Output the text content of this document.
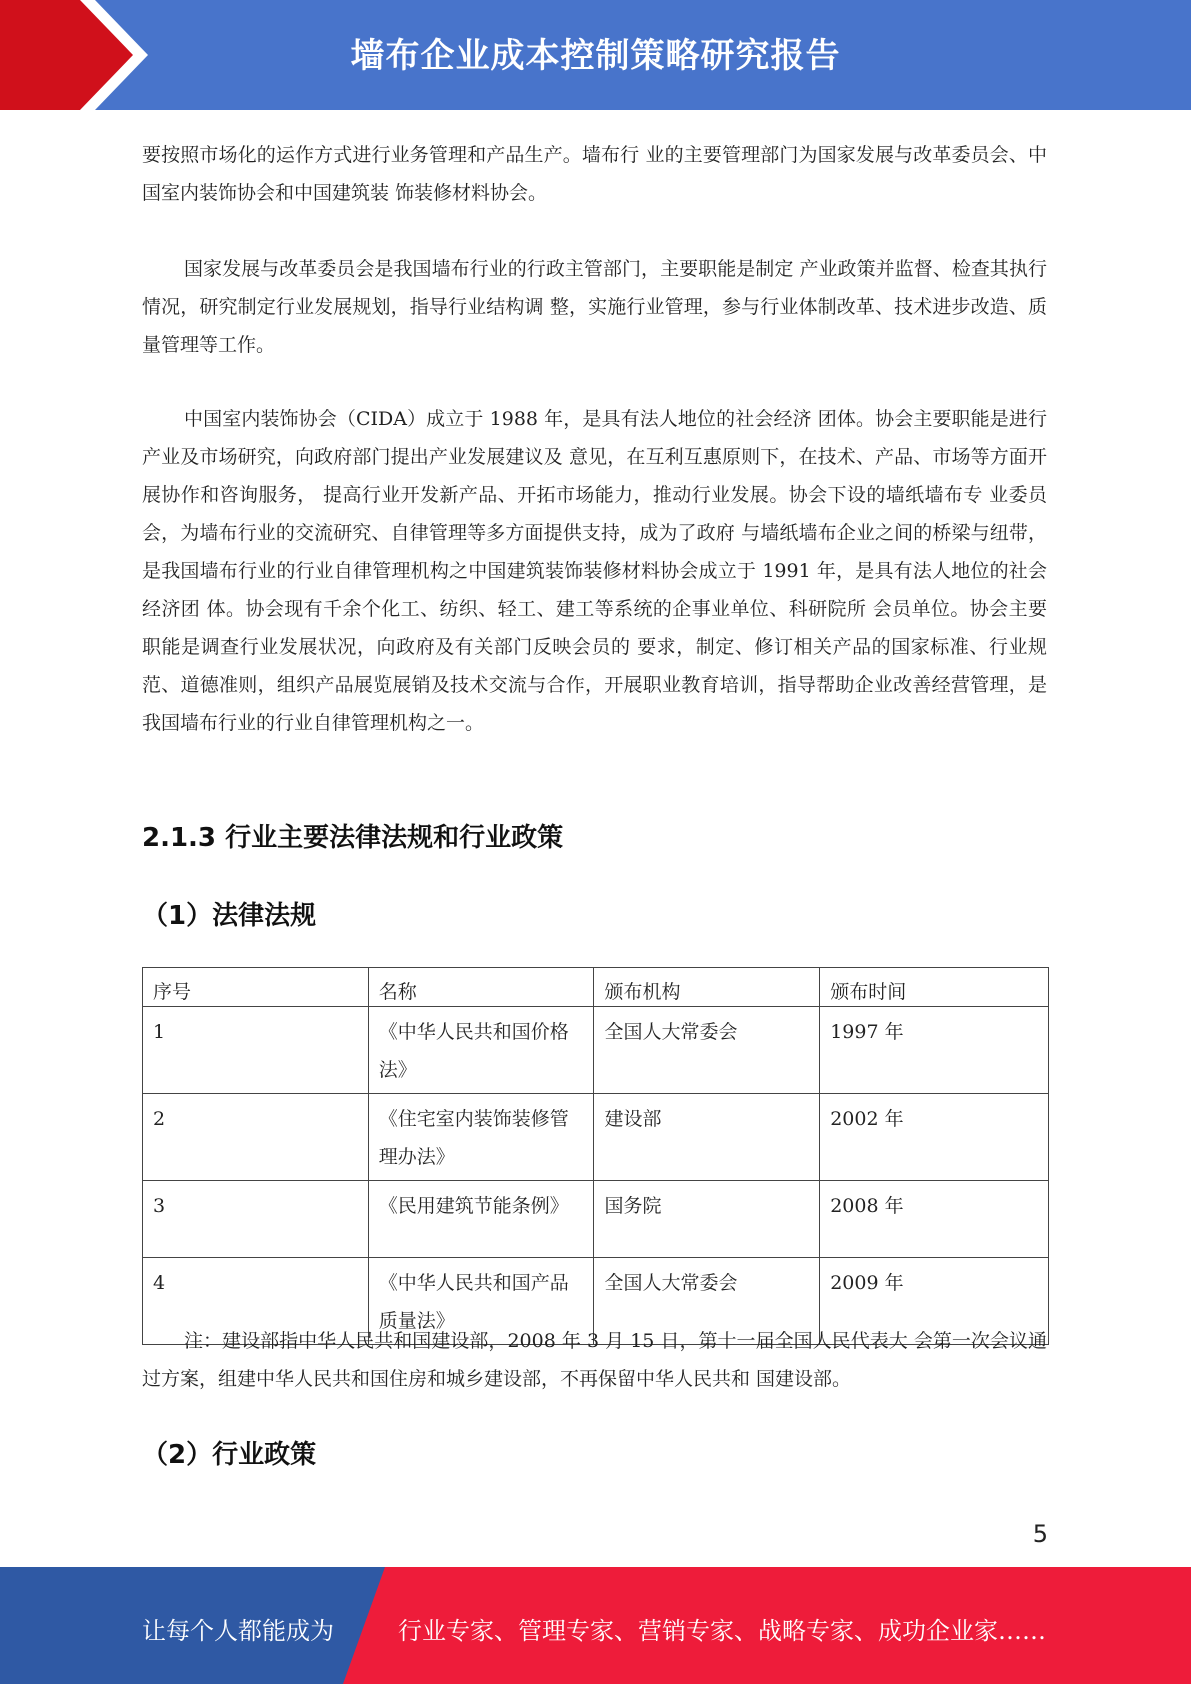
墙布企业成本控制策略研究报告

要按照市场化的运作方式进行业务管理和产品生产。墙布行 业的主要管理部门为国家发展与改革委员会、中国室内装饰协会和中国建筑装 饰装修材料协会。

国家发展与改革委员会是我国墙布行业的行政主管部门，主要职能是制定 产业政策并监督、检查其执行情况，研究制定行业发展规划，指导行业结构调 整，实施行业管理，参与行业体制改革、技术进步改造、质量管理等工作。

中国室内装饰协会（CIDA）成立于 1988 年，是具有法人地位的社会经济 团体。协会主要职能是进行产业及市场研究，向政府部门提出产业发展建议及 意见，在互利互惠原则下，在技术、产品、市场等方面开展协作和咨询服务， 提高行业开发新产品、开拓市场能力，推动行业发展。协会下设的墙纸墙布专 业委员会，为墙布行业的交流研究、自律管理等多方面提供支持，成为了政府 与墙纸墙布企业之间的桥梁与纽带，是我国墙布行业的行业自律管理机构之中国建筑装饰装修材料协会成立于 1991 年，是具有法人地位的社会经济团 体。协会现有千余个化工、纺织、轻工、建工等系统的企事业单位、科研院所 会员单位。协会主要职能是调查行业发展状况，向政府及有关部门反映会员的 要求，制定、修订相关产品的国家标准、行业规范、道德准则，组织产品展览展销及技术交流与合作，开展职业教育培训，指导帮助企业改善经营管理，是 我国墙布行业的行业自律管理机构之一。

2.1.3 行业主要法律法规和行业政策
（1）法律法规
序号	名称	颁布机构	颁布时间
1	《中华人民共和国价格法》	全国人大常委会	1997 年
2	《住宅室内装饰装修管理办法》	建设部	2002 年
3	《民用建筑节能条例》	国务院	2008 年
4	《中华人民共和国产品质量法》	全国人大常委会	2009 年

注：建设部指中华人民共和国建设部，2008 年 3 月 15 日，第十一届全国人民代表大 会第一次会议通过方案，组建中华人民共和国住房和城乡建设部，不再保留中华人民共和 国建设部。

（2）行业政策
5
让每个人都能成为	行业专家、管理专家、营销专家、战略专家、成功企业家……
